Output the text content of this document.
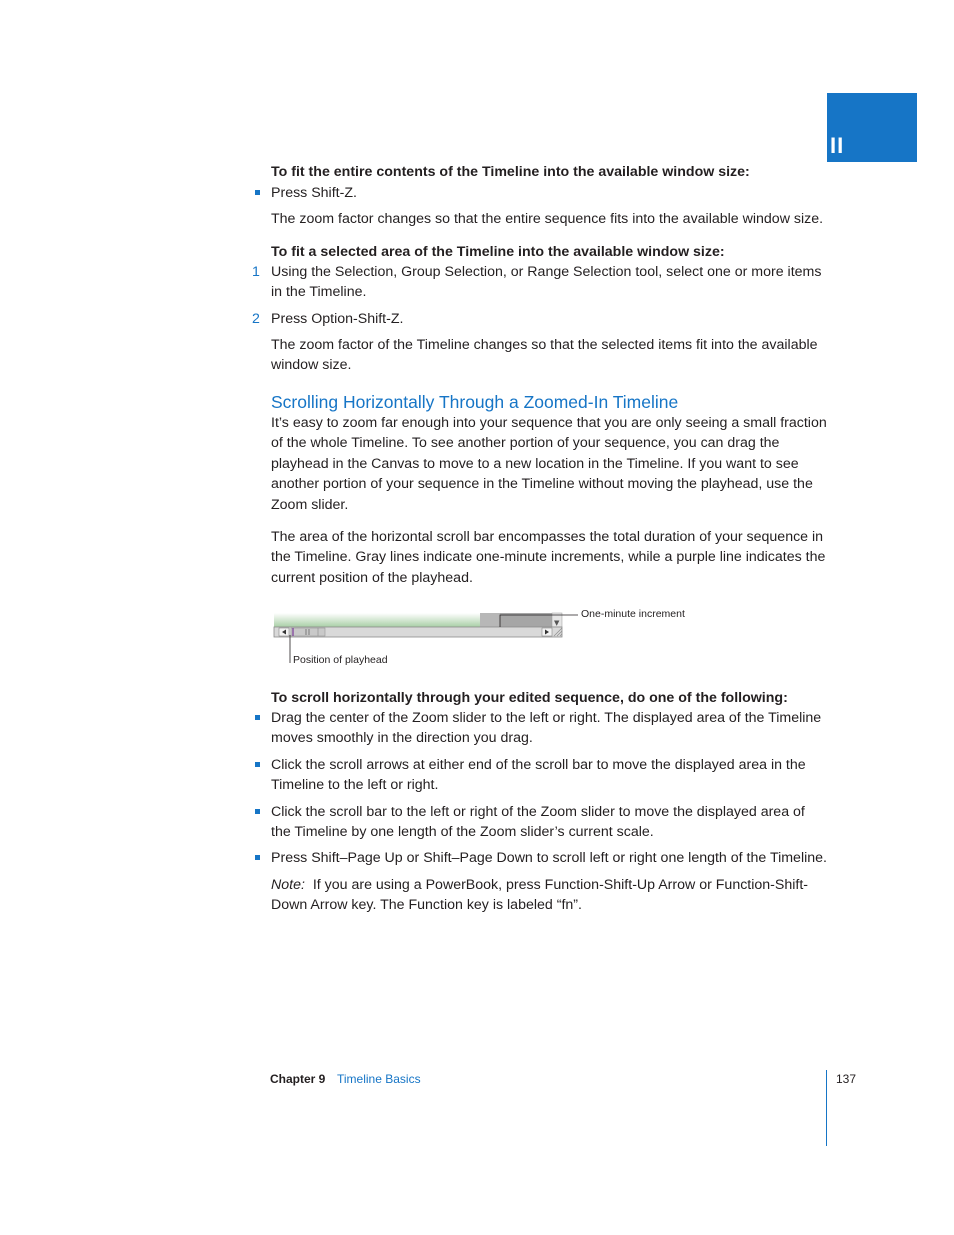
II
To fit the entire contents of the Timeline into the available window size:
Press Shift-Z.
The zoom factor changes so that the entire sequence fits into the available window size.
To fit a selected area of the Timeline into the available window size:
1 Using the Selection, Group Selection, or Range Selection tool, select one or more items in the Timeline.
2 Press Option-Shift-Z.
The zoom factor of the Timeline changes so that the selected items fit into the available window size.
Scrolling Horizontally Through a Zoomed-In Timeline
It’s easy to zoom far enough into your sequence that you are only seeing a small fraction of the whole Timeline. To see another portion of your sequence, you can drag the playhead in the Canvas to move to a new location in the Timeline. If you want to see another portion of your sequence in the Timeline without moving the playhead, use the Zoom slider.
The area of the horizontal scroll bar encompasses the total duration of your sequence in the Timeline. Gray lines indicate one-minute increments, while a purple line indicates the current position of the playhead.
▼
One-minute increment
Position of playhead
To scroll horizontally through your edited sequence, do one of the following:
Drag the center of the Zoom slider to the left or right. The displayed area of the Timeline moves smoothly in the direction you drag.
Click the scroll arrows at either end of the scroll bar to move the displayed area in the Timeline to the left or right.
Click the scroll bar to the left or right of the Zoom slider to move the displayed area of the Timeline by one length of the Zoom slider’s current scale.
Press Shift–Page Up or Shift–Page Down to scroll left or right one length of the Timeline.
Note: If you are using a PowerBook, press Function-Shift-Up Arrow or Function-Shift-Down Arrow key. The Function key is labeled “fn”.
Chapter 9 Timeline Basics	137
